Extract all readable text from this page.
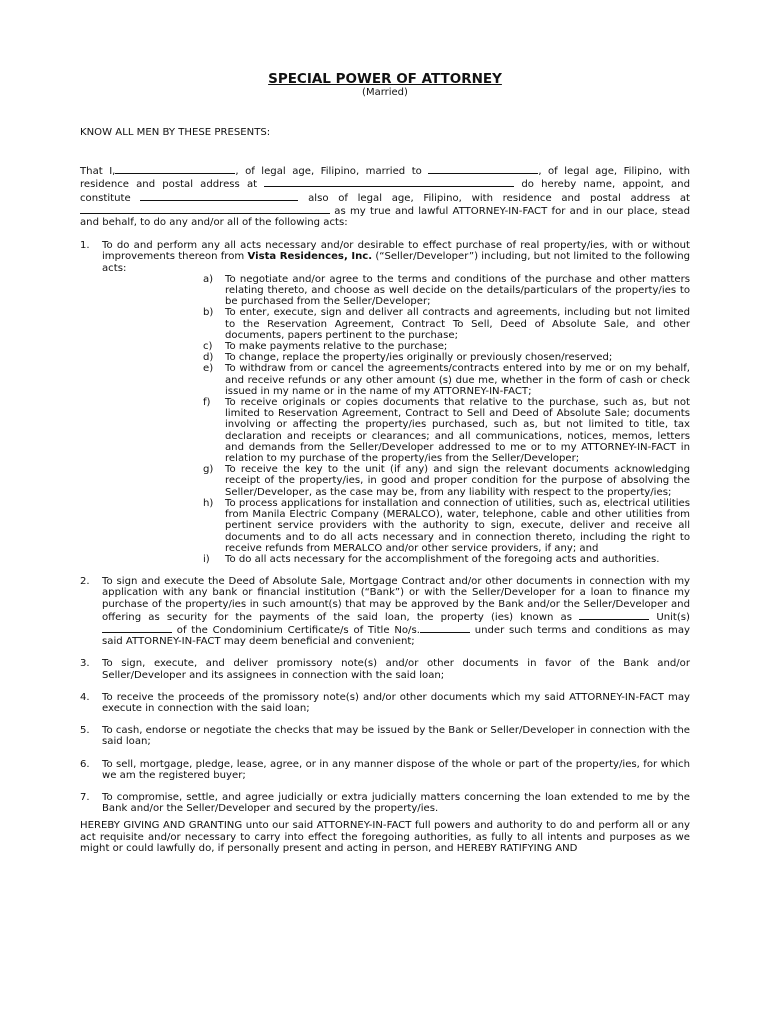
SPECIAL POWER OF ATTORNEY
(Married)
KNOW ALL MEN BY THESE PRESENTS:

That I,	, of legal age, Filipino, married to	, of legal age, Filipino, with residence and postal address at	do hereby name, appoint, and constitute	also of legal age, Filipino, with residence and postal address at  as my true and lawful ATTORNEY-IN-FACT for and in our place, stead and behalf, to do any and/or all of the following acts:

1. To do and perform any all acts necessary and/or desirable to effect purchase of real property/ies, with or without improvements thereon from Vista Residences, Inc. (“Seller/Developer”) including, but not limited to the following acts:
a) To negotiate and/or agree to the terms and conditions of the purchase and other matters relating thereto, and choose as well decide on the details/particulars of the property/ies to be purchased from the Seller/Developer;
b) To enter, execute, sign and deliver all contracts and agreements, including but not limited to the Reservation Agreement, Contract To Sell, Deed of Absolute Sale, and other documents, papers pertinent to the purchase;
c) To make payments relative to the purchase;
d) To change, replace the property/ies originally or previously chosen/reserved;
e) To withdraw from or cancel the agreements/contracts entered into by me or on my behalf, and receive refunds or any other amount (s) due me, whether in the form of cash or check issued in my name or in the name of my ATTORNEY-IN-FACT;
f) To receive originals or copies documents that relative to the purchase, such as, but not limited to Reservation Agreement, Contract to Sell and Deed of Absolute Sale; documents involving or affecting the property/ies purchased, such as, but not limited to title, tax declaration and receipts or clearances; and all communications, notices, memos, letters and demands from the Seller/Developer addressed to me or to my ATTORNEY-IN-FACT in relation to my purchase of the property/ies from the Seller/Developer;
g) To receive the key to the unit (if any) and sign the relevant documents acknowledging receipt of the property/ies, in good and proper condition for the purpose of absolving the Seller/Developer, as the case may be, from any liability with respect to the property/ies;
h) To process applications for installation and connection of utilities, such as, electrical utilities from Manila Electric Company (MERALCO), water, telephone, cable and other utilities from pertinent service providers with the authority to sign, execute, deliver and receive all documents and to do all acts necessary and in connection thereto, including the right to receive refunds from MERALCO and/or other service providers, if any; and
i) To do all acts necessary for the accomplishment of the foregoing acts and authorities.
2. To sign and execute the Deed of Absolute Sale, Mortgage Contract and/or other documents in connection with my application with any bank or financial institution (“Bank”) or with the Seller/Developer for a loan to finance my purchase of the property/ies in such amount(s) that may be approved by the Bank and/or the Seller/Developer and offering as security for the payments of the said loan, the property (ies) known as	Unit(s)  of the Condominium Certificate/s of Title No/s.	under such terms and conditions as may said ATTORNEY-IN-FACT may deem beneficial and convenient;
3. To sign, execute, and deliver promissory note(s) and/or other documents in favor of the Bank and/or Seller/Developer and its assignees in connection with the said loan;
4. To receive the proceeds of the promissory note(s) and/or other documents which my said ATTORNEY-IN-FACT may execute in connection with the said loan;
5. To cash, endorse or negotiate the checks that may be issued by the Bank or Seller/Developer in connection with the said loan;
6. To sell, mortgage, pledge, lease, agree, or in any manner dispose of the whole or part of the property/ies, for which we am the registered buyer;
7. To compromise, settle, and agree judicially or extra judicially matters concerning the loan extended to me by the Bank and/or the Seller/Developer and secured by the property/ies.

HEREBY GIVING AND GRANTING unto our said ATTORNEY-IN-FACT full powers and authority to do and perform all or any act requisite and/or necessary to carry into effect the foregoing authorities, as fully to all intents and purposes as we might or could lawfully do, if personally present and acting in person, and HEREBY RATIFYING AND
